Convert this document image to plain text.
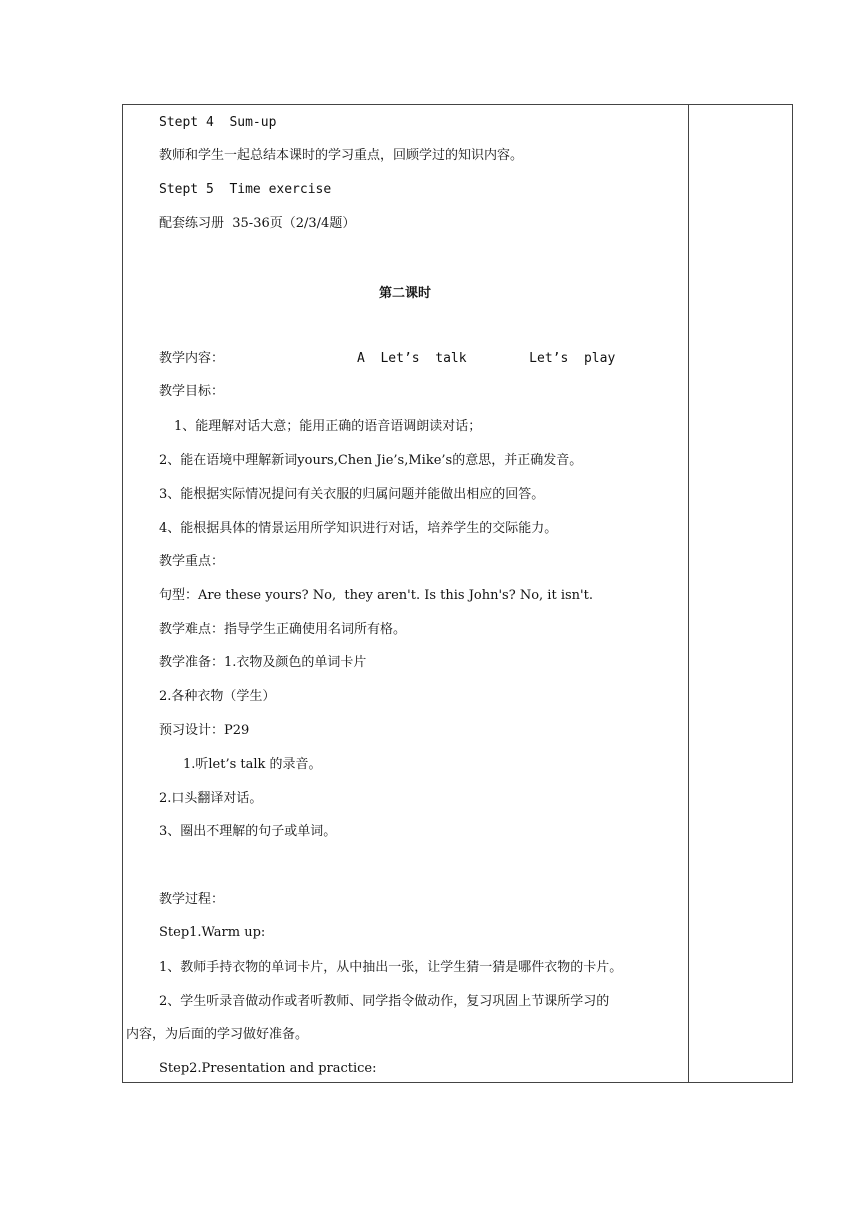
Stept 4  Sum-up
教师和学生一起总结本课时的学习重点，回顾学过的知识内容。
Stept 5  Time exercise
配套练习册  35-36页（2/3/4题）
第二课时
教学内容：	A  Let’s  talk        Let’s  play
教学目标：
1、能理解对话大意；能用正确的语音语调朗读对话；
2、能在语境中理解新词yours,Chen Jie’s,Mike’s的意思，并正确发音。
3、能根据实际情况提问有关衣服的归属问题并能做出相应的回答。
4、能根据具体的情景运用所学知识进行对话，培养学生的交际能力。
教学重点：
句型：Are these yours? No,  they aren't. Is this John's? No, it isn't.
教学难点：指导学生正确使用名词所有格。
教学准备：1.衣物及颜色的单词卡片
2.各种衣物（学生）
预习设计：P29
1.听let’s talk 的录音。
2.口头翻译对话。
3、圈出不理解的句子或单词。
教学过程：
Step1.Warm up:
1、教师手持衣物的单词卡片，从中抽出一张，让学生猜一猜是哪件衣物的卡片。
2、学生听录音做动作或者听教师、同学指令做动作，复习巩固上节课所学习的
内容，为后面的学习做好准备。
Step2.Presentation and practice:
